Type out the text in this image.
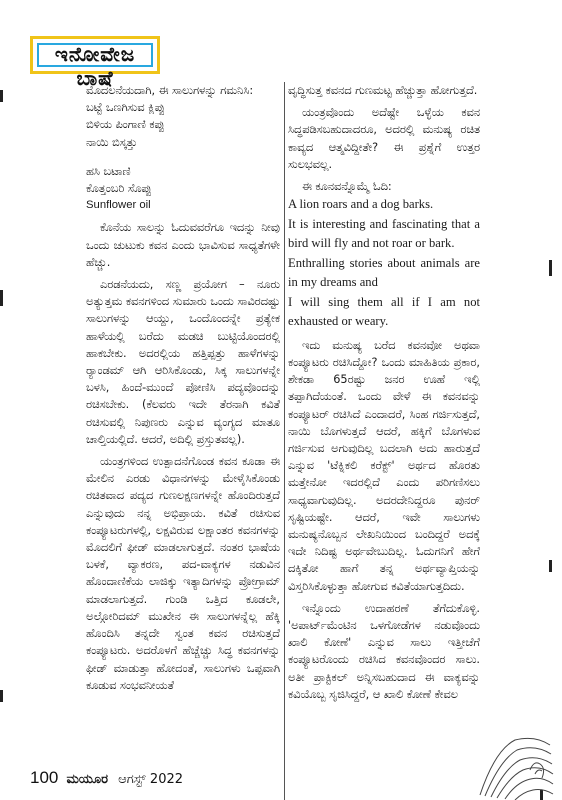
ಇನೋವೇಜ ಬಾಷೆ

ಮೊದಲನೆಯದಾಗಿ, ಈ ಸಾಲುಗಳನ್ನು ಗಮನಿಸಿ:

ಬಟ್ಟೆ ಒಣಗಿಸುವ ಕ್ಲಿಪ್ಪು

ಬಿಳಿಯ ಪಿಂಗಾಣಿ ಕಪ್ಪು

ನಾಯಿ ಬಿಸ್ಕತ್ತು

ಹಸಿ ಬಟಾಣಿ

ಕೊತ್ತಂಬರಿ ಸೊಪ್ಪು

Sunflower oil

ಕೊನೆಯ ಸಾಲನ್ನು ಓದುವವರೆಗೂ ಇದನ್ನು ನೀವು ಒಂದು ಚುಟುಕು ಕವನ ಎಂದು ಭಾವಿಸುವ ಸಾಧ್ಯತೆಗಳೇ ಹೆಚ್ಚು.

ಎರಡನೆಯದು, ಸಣ್ಣ ಪ್ರಯೋಗ – ನೂರು ಅತ್ಯುತ್ತಮ ಕವನಗಳಿಂದ ಸುಮಾರು ಒಂದು ಸಾವಿರದಷ್ಟು ಸಾಲುಗಳನ್ನು ಆಯ್ದು, ಒಂದೊಂದನ್ನೇ ಪ್ರತ್ಯೇಕ ಹಾಳೆಯಲ್ಲಿ ಬರೆದು ಮಡಚಿ ಬುಟ್ಟಿಯೊಂದರಲ್ಲಿ ಹಾಕಬೇಕು. ಅದರಲ್ಲಿಯ ಹತ್ತಿಪ್ಪತ್ತು ಹಾಳೆಗಳನ್ನು ರ್‍ಯಾಂಡಮ್ ಆಗಿ ಆರಿಸಿಕೊಂಡು, ಸಿಕ್ಕ ಸಾಲುಗಳನ್ನೇ ಬಳಸಿ, ಹಿಂದೆ-ಮುಂದೆ ಪೋಣಿಸಿ ಪದ್ಯವೊಂದನ್ನು ರಚಿಸಬೇಕು. (ಕೆಲವರು ಇದೇ ತೆರನಾಗಿ ಕವಿತೆ ರಚಿಸುವಲ್ಲಿ ನಿಪುಣರು ಎನ್ನುವ ವ್ಯಂಗ್ಯದ ಮಾತೂ ಚಾಲ್ತಿಯಲ್ಲಿದೆ. ಆದರೆ, ಅದಿಲ್ಲಿ ಪ್ರಸ್ತುತವಲ್ಲ).

ಯಂತ್ರಗಳಿಂದ ಉತ್ಪಾದನೆಗೊಂಡ ಕವನ ಕೂಡಾ ಈ ಮೇಲಿನ ಎರಡು ವಿಧಾನಗಳನ್ನು ಮೇಳೈಸಿಕೊಂಡು ರಚಿತವಾದ ಪದ್ಯದ ಗುಣಲಕ್ಷಣಗಳನ್ನೇ ಹೊಂದಿರುತ್ತದೆ ಎನ್ನುವುದು ನನ್ನ ಅಭಿಪ್ರಾಯ. ಕವಿತೆ ರಚಿಸುವ ಕಂಪ್ಯೂಟರುಗಳಲ್ಲಿ, ಲಕ್ಷವಿರುವ ಲಕ್ಷಾಂತರ ಕವನಗಳನ್ನು ಮೊದಲಿಗೆ ಫೀಡ್ ಮಾಡಲಾಗುತ್ತದೆ. ನಂತರ ಭಾಷೆಯ ಬಳಕೆ, ವ್ಯಾಕರಣ, ಪದ-ವಾಕ್ಯಗಳ ನಡುವಿನ ಹೊಂದಾಣಿಕೆಯ ಲಾಜಿಕ್ಕು ಇತ್ಯಾದಿಗಳನ್ನು ಪ್ರೋಗ್ರಾಮ್ ಮಾಡಲಾಗುತ್ತದೆ. ಗುಂಡಿ ಒತ್ತಿದ ಕೂಡಲೇ, ಅಲ್ಗೋರಿದಮ್ ಮುಖೇನ ಈ ಸಾಲುಗಳನ್ನೆಲ್ಲ ಹೆಕ್ಕಿ ಹೊಂದಿಸಿ ತನ್ನದೇ ಸ್ವಂತ ಕವನ ರಚಿಸುತ್ತದೆ ಕಂಪ್ಯೂಟರು. ಅದರೊಳಗೆ ಹೆಚ್ಚೆಚ್ಚು ಸಿದ್ಧ ಕವನಗಳನ್ನು ಫೀಡ್ ಮಾಡುತ್ತಾ ಹೋದಂತೆ, ಸಾಲುಗಳು ಒಪ್ಪವಾಗಿ ಕೂಡುವ ಸಂಭವನೀಯತೆ

ವೃದ್ಧಿಸುತ್ತ ಕವನದ ಗುಣಮಟ್ಟ ಹೆಚ್ಚುತ್ತಾ ಹೋಗುತ್ತದೆ.

ಯಂತ್ರವೊಂದು ಅದೆಷ್ಟೇ ಒಳ್ಳೆಯ ಕವನ ಸಿದ್ಧಪಡಿಸಬಹುದಾದರೂ, ಅದರಲ್ಲಿ ಮನುಷ್ಯ ರಚಿತ ಕಾವ್ಯದ ಆತ್ಮವಿದ್ದೀತೇ? ಈ ಪ್ರಶ್ನೆಗೆ ಉತ್ತರ ಸುಲಭವಲ್ಲ.

ಈ ಕೂನವನ್ನೊಮ್ಮೆ ಓದಿ:

A lion roars and a dog barks.

It is interesting and fascinating that a bird will fly and not roar or bark.

Enthralling stories about animals are in my dreams and

I will sing them all if I am not exhausted or weary.

ಇದು ಮನುಷ್ಯ ಬರೆದ ಕವನವೋ ಅಥವಾ ಕಂಪ್ಯೂಟರು ರಚಿಸಿದ್ದೋ? ಒಂದು ಮಾಹಿತಿಯ ಪ್ರಕಾರ, ಶೇಕಡಾ 65ರಷ್ಟು ಜನರ ಊಹೆ ಇಲ್ಲಿ ತಪ್ಪಾಗಿದೆಯಂತೆ. ಒಂದು ವೇಳೆ ಈ ಕವನವನ್ನು ಕಂಪ್ಯೂಟರ್ ರಚಿಸಿದೆ ಎಂದಾದರೆ, ಸಿಂಹ ಗರ್ಜಿಸುತ್ತದೆ, ನಾಯಿ ಬೊಗಳುತ್ತದೆ ಆದರೆ, ಹಕ್ಕಿಗೆ ಬೊಗಳುವ ಗರ್ಜಿಸುವ ಅಗುವುದಿಲ್ಲ ಬದಲಾಗಿ ಅದು ಹಾರುತ್ತದೆ ಎನ್ನುವ 'ಟೆಕ್ನಿಕಲಿ ಕರೆಕ್ಟ್' ಅರ್ಥದ ಹೊರತು ಮತ್ತೇನೋ ಇದರಲ್ಲಿದೆ ಎಂದು ಪರಿಗಣಿಸಲು ಸಾಧ್ಯವಾಗುವುದಿಲ್ಲ. ಅದರದೇನಿದ್ದರೂ ಪುನರ್ ಸೃಷ್ಟಿಯಷ್ಟೇ. ಆದರೆ, ಇವೇ ಸಾಲುಗಳು ಮನುಷ್ಯನೊಬ್ಬನ ಲೇಖನಿಯಿಂದ ಬಂದಿದ್ದರೆ ಅದಕ್ಕೆ ಇದೇ ನಿದಿಷ್ಟ ಅರ್ಥವೇಬುದಿಲ್ಲ. ಓದುಗನಿಗೆ ಹೇಗೆ ದಕ್ಕಿತೋ ಹಾಗೆ ತನ್ನ ಅರ್ಥವ್ಯಾಪ್ತಿಯನ್ನು ವಿಸ್ತರಿಸಿಕೊಳ್ಳುತ್ತಾ ಹೋಗುವ ಕವಿತೆಯಾಗುತ್ತದಿದು.

ಇನ್ನೊಂದು ಉದಾಹರಣೆ ತೆಗೆದುಕೊಳ್ಳಿ. 'ಅಪಾರ್ಟ್‌ಮೆಂಟಿನ ಒಳಗೋಡೆಗಳ ನಡುವೊಂದು ಖಾಲಿ ಕೋಣೆ' ಎನ್ನುವ ಸಾಲು ಇತ್ತೀಚೆಗೆ ಕಂಪ್ಯೂಟರೊಂದು ರಚಿಸಿದ ಕವನವೊಂದರ ಸಾಲು. ಅತೀ ಪ್ರಾಕ್ಟಿಕಲ್ ಅನ್ನಿಸಬಹುದಾದ ಈ ವಾಕ್ಯವನ್ನು ಕವಿಯೊಬ್ಬ ಸೃಜಿಸಿದ್ದರೆ, ಆ ಖಾಲಿ ಕೋಣೆ ಕೇವಲ

100 ಮಯೂರ ಆಗಸ್ಟ್ 2022
